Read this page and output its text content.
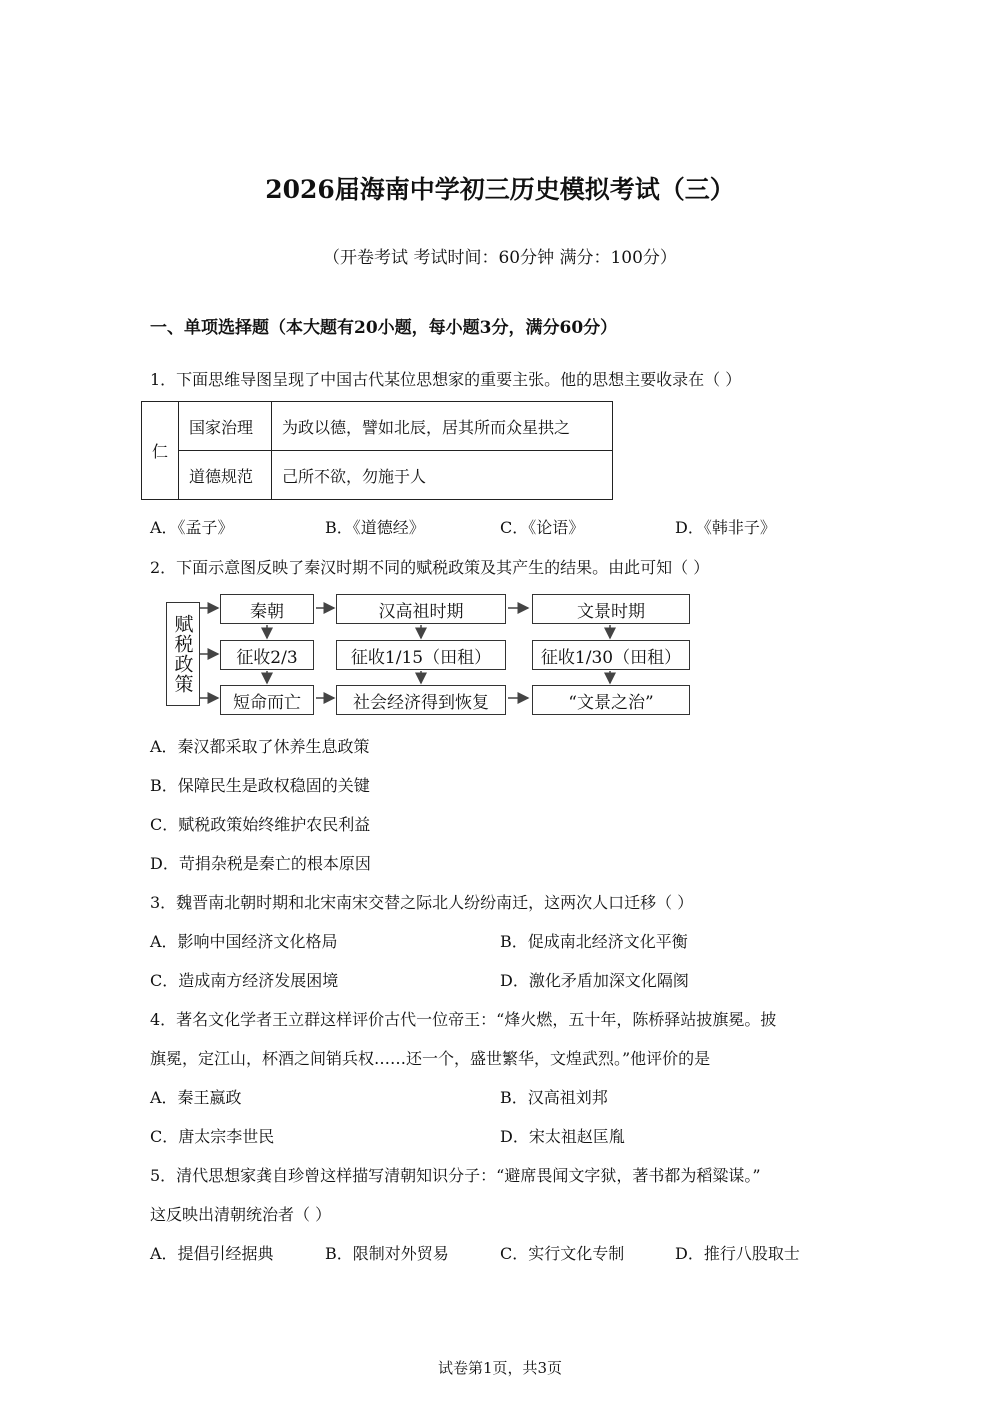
2026届海南中学初三历史模拟考试（三）
（开卷考试 考试时间：60分钟 满分：100分）
一、单项选择题（本大题有20小题，每小题3分，满分60分）
1．下面思维导图呈现了中国古代某位思想家的重要主张。他的思想主要收录在（ ）
仁	国家治理	为政以德，譬如北辰，居其所而众星拱之
	道德规范	己所不欲，勿施于人
A．《孟子》	B．《道德经》	C．《论语》	D．《韩非子》
2．下面示意图反映了秦汉时期不同的赋税政策及其产生的结果。由此可知（ ）
赋税政策
秦朝	汉高祖时期	文景时期
征收2/3	征收1/15（田租）	征收1/30（田租）
短命而亡	社会经济得到恢复	“文景之治”
A．秦汉都采取了休养生息政策
B．保障民生是政权稳固的关键
C．赋税政策始终维护农民利益
D．苛捐杂税是秦亡的根本原因
3．魏晋南北朝时期和北宋南宋交替之际北人纷纷南迁，这两次人口迁移（ ）
A．影响中国经济文化格局	B．促成南北经济文化平衡
C．造成南方经济发展困境	D．激化矛盾加深文化隔阂
4．著名文化学者王立群这样评价古代一位帝王：“烽火燃，五十年，陈桥驿站披旗冕。披
旗冕，定江山，杯酒之间销兵权……还一个，盛世繁华，文煌武烈。”他评价的是
A．秦王嬴政	B．汉高祖刘邦
C．唐太宗李世民	D．宋太祖赵匡胤
5．清代思想家龚自珍曾这样描写清朝知识分子：“避席畏闻文字狱，著书都为稻粱谋。”
这反映出清朝统治者（ ）
A．提倡引经据典	B．限制对外贸易	C．实行文化专制	D．推行八股取士
试卷第1页，共3页
